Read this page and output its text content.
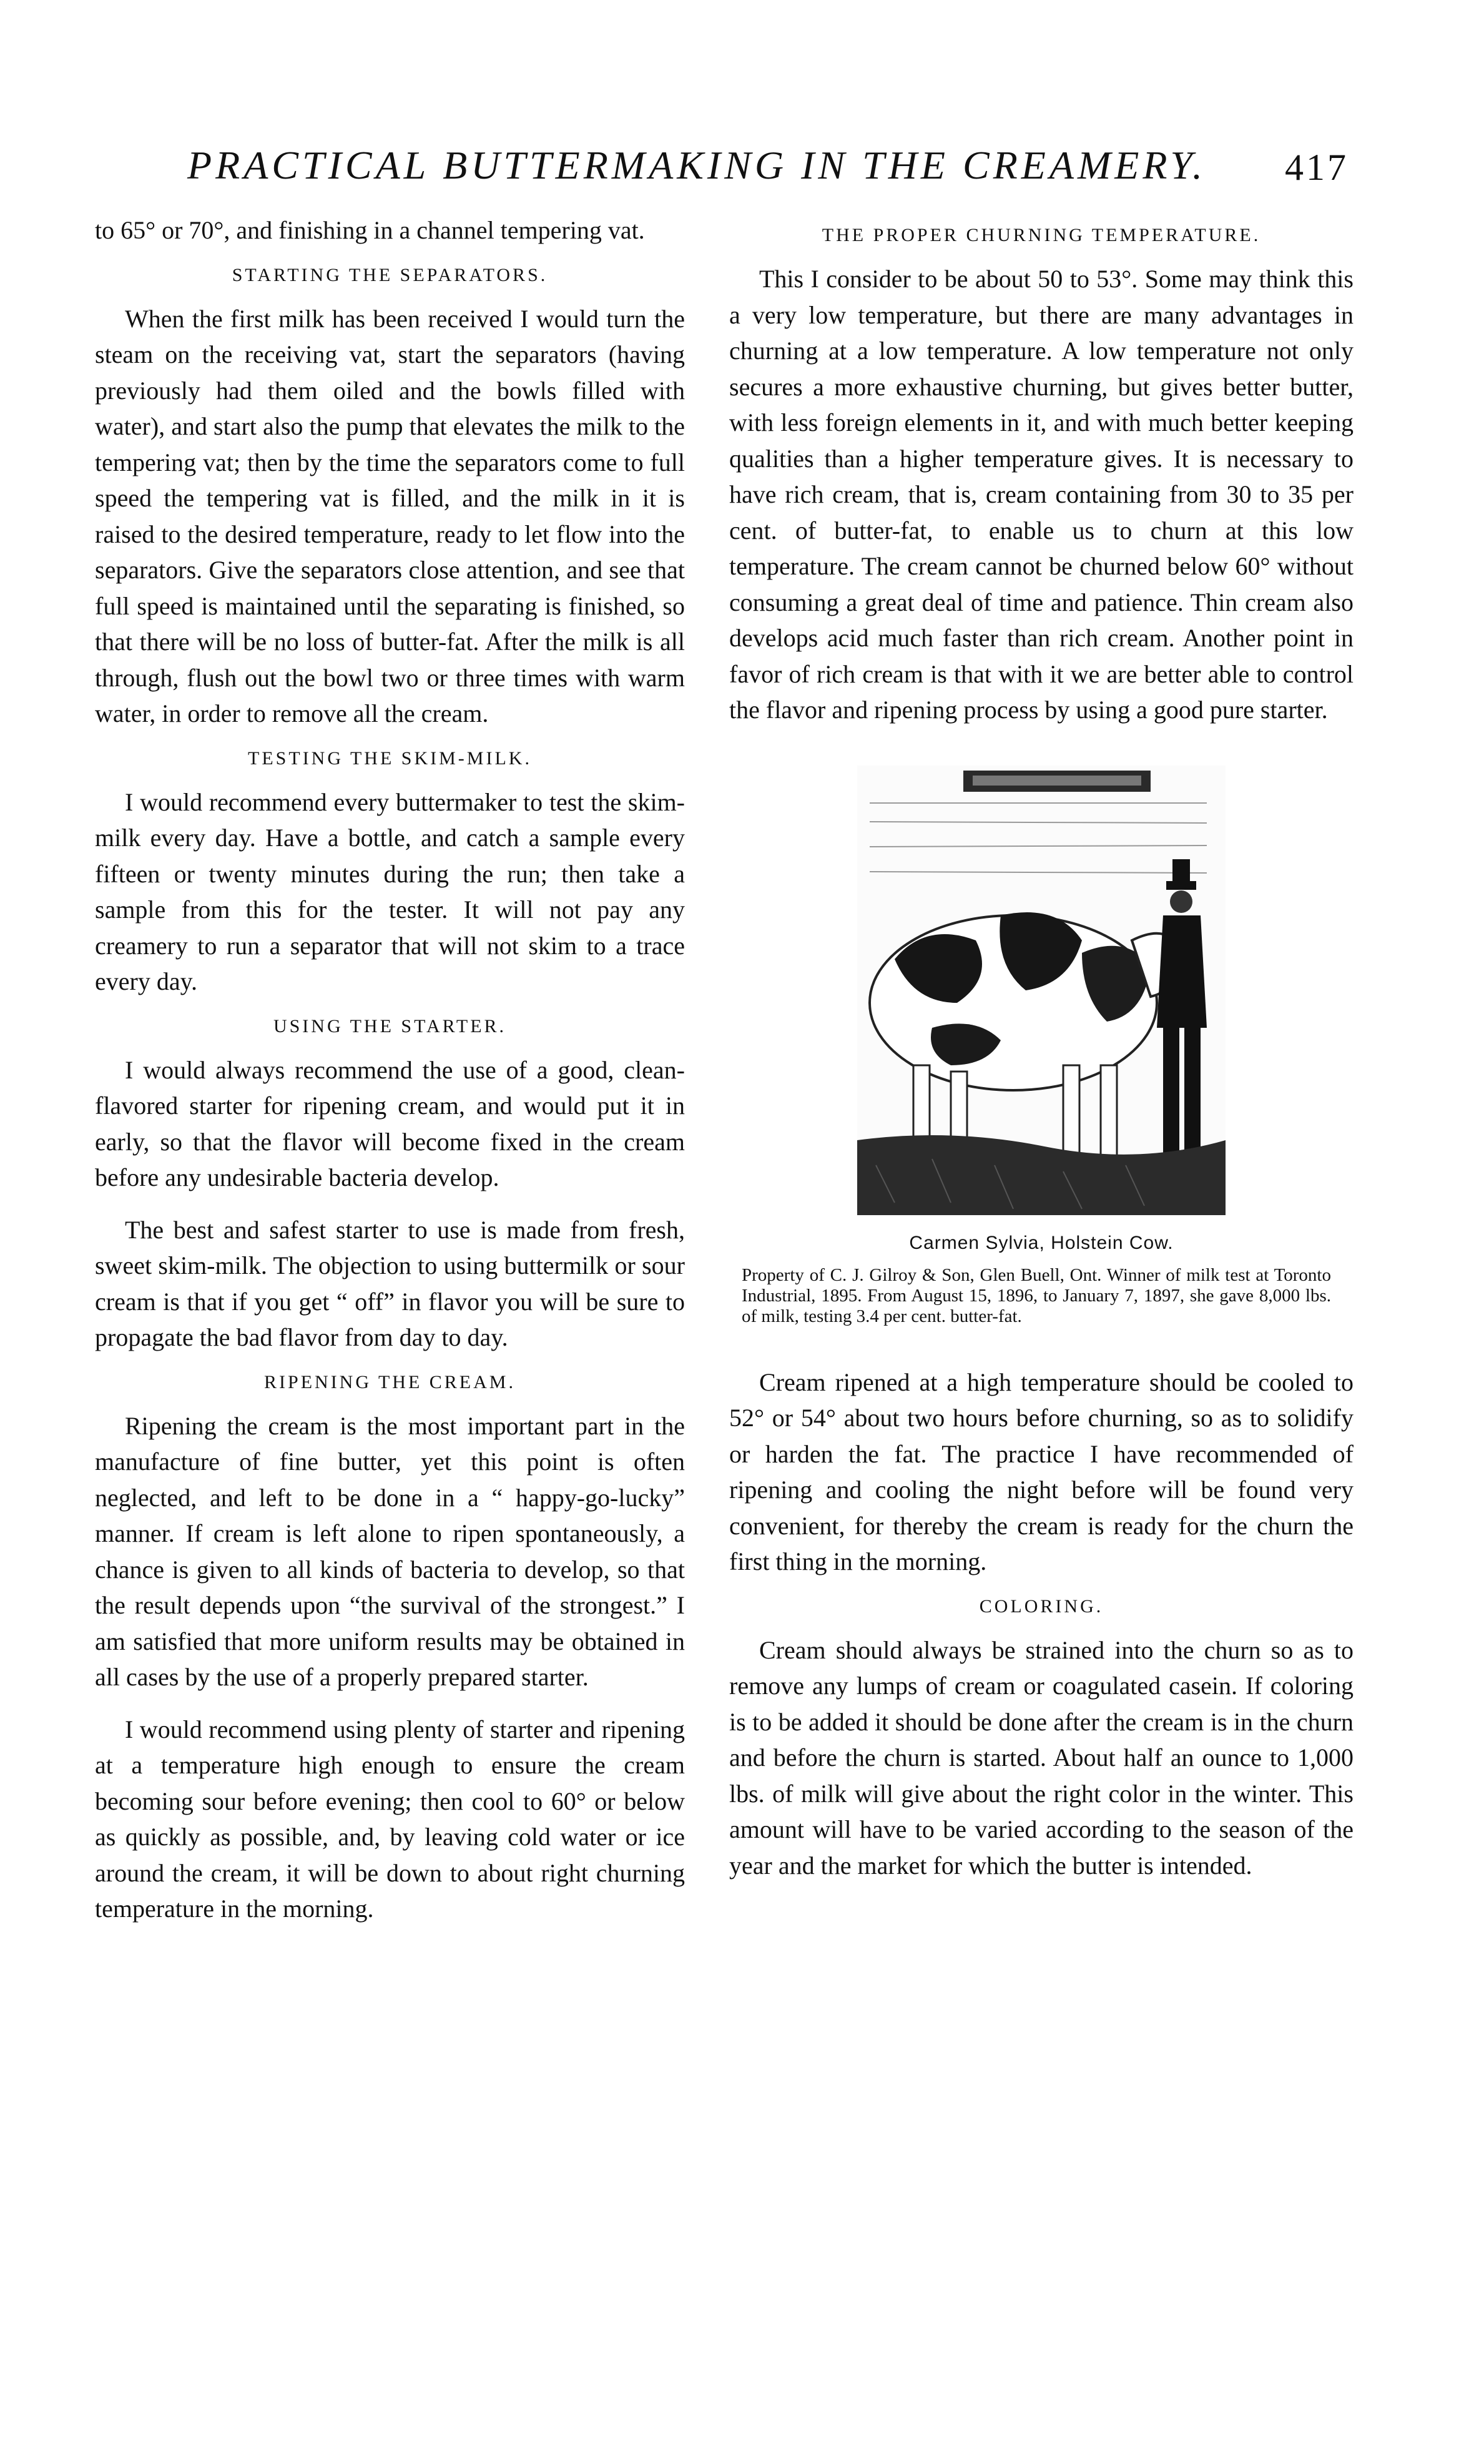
PRACTICAL BUTTERMAKING IN THE CREAMERY. 417

to 65° or 70°, and finishing in a channel tempering vat.

STARTING THE SEPARATORS.

When the first milk has been received I would turn the steam on the receiving vat, start the separators (having previously had them oiled and the bowls filled with water), and start also the pump that elevates the milk to the tempering vat; then by the time the separators come to full speed the tempering vat is filled, and the milk in it is raised to the desired temperature, ready to let flow into the separators. Give the separators close attention, and see that full speed is maintained until the separating is finished, so that there will be no loss of butter-fat. After the milk is all through, flush out the bowl two or three times with warm water, in order to remove all the cream.

TESTING THE SKIM-MILK.

I would recommend every buttermaker to test the skim-milk every day. Have a bottle, and catch a sample every fifteen or twenty minutes during the run; then take a sample from this for the tester. It will not pay any creamery to run a separator that will not skim to a trace every day.

USING THE STARTER.

I would always recommend the use of a good, clean-flavored starter for ripening cream, and would put it in early, so that the flavor will become fixed in the cream before any undesirable bacteria develop.

The best and safest starter to use is made from fresh, sweet skim-milk. The objection to using buttermilk or sour cream is that if you get “ off” in flavor you will be sure to propagate the bad flavor from day to day.

RIPENING THE CREAM.

Ripening the cream is the most important part in the manufacture of fine butter, yet this point is often neglected, and left to be done in a “ happy-go-lucky” manner. If cream is left alone to ripen spontaneously, a chance is given to all kinds of bacteria to develop, so that the result depends upon “the survival of the strongest.” I am satisfied that more uniform results may be obtained in all cases by the use of a properly prepared starter.

I would recommend using plenty of starter and ripening at a temperature high enough to ensure the cream becoming sour before evening; then cool to 60° or below as quickly as possible, and, by leaving cold water or ice around the cream, it will be down to about right churning temperature in the morning.

THE PROPER CHURNING TEMPERATURE.

This I consider to be about 50 to 53°. Some may think this a very low temperature, but there are many advantages in churning at a low temperature. A low temperature not only secures a more exhaustive churning, but gives better butter, with less foreign elements in it, and with much better keeping qualities than a higher temperature gives. It is necessary to have rich cream, that is, cream containing from 30 to 35 per cent. of butter-fat, to enable us to churn at this low temperature. The cream cannot be churned below 60° without consuming a great deal of time and patience. Thin cream also develops acid much faster than rich cream. Another point in favor of rich cream is that with it we are better able to control the flavor and ripening process by using a good pure starter.

Carmen Sylvia, Holstein Cow.

Property of C. J. Gilroy & Son, Glen Buell, Ont. Winner of milk test at Toronto Industrial, 1895. From August 15, 1896, to January 7, 1897, she gave 8,000 lbs. of milk, testing 3.4 per cent. butter-fat.

Cream ripened at a high temperature should be cooled to 52° or 54° about two hours before churning, so as to solidify or harden the fat. The practice I have recommended of ripening and cooling the night before will be found very convenient, for thereby the cream is ready for the churn the first thing in the morning.

COLORING.

Cream should always be strained into the churn so as to remove any lumps of cream or coagulated casein. If coloring is to be added it should be done after the cream is in the churn and before the churn is started. About half an ounce to 1,000 lbs. of milk will give about the right color in the winter. This amount will have to be varied according to the season of the year and the market for which the butter is intended.
